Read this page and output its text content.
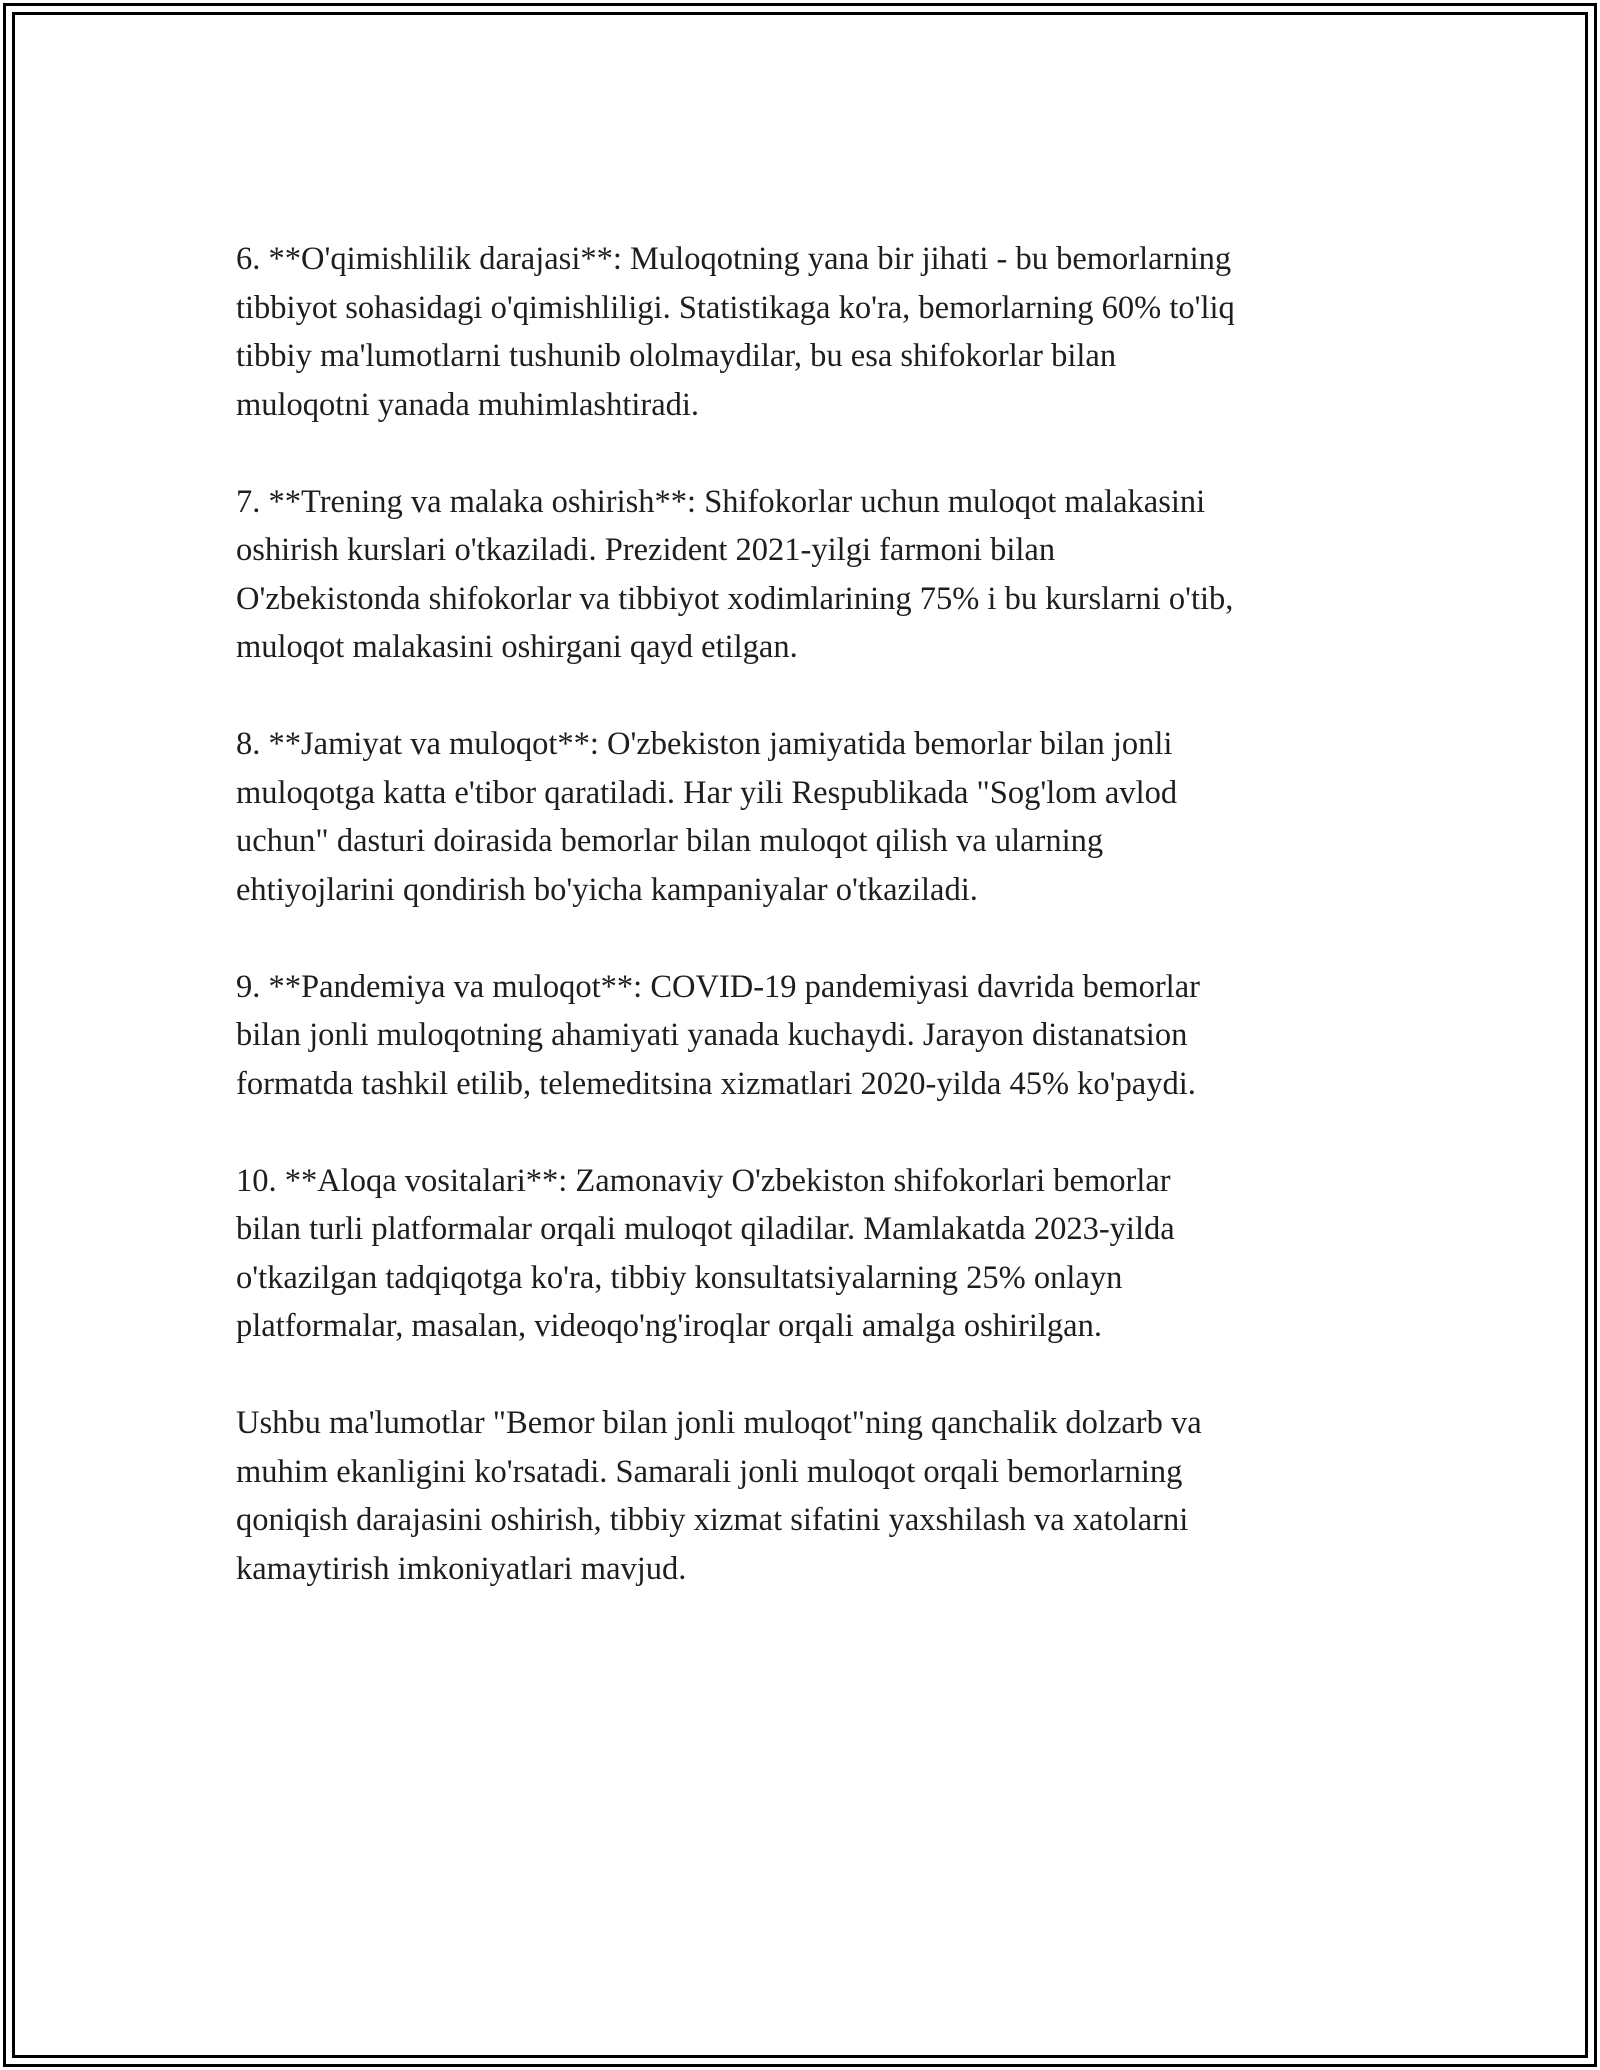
6. **O'qimishlilik darajasi**: Muloqotning yana bir jihati - bu bemorlarning
tibbiyot sohasidagi o'qimishliligi. Statistikaga ko'ra, bemorlarning 60% to'liq
tibbiy ma'lumotlarni tushunib ololmaydilar, bu esa shifokorlar bilan
muloqotni yanada muhimlashtiradi.

7. **Trening va malaka oshirish**: Shifokorlar uchun muloqot malakasini
oshirish kurslari o'tkaziladi. Prezident 2021-yilgi farmoni bilan
O'zbekistonda shifokorlar va tibbiyot xodimlarining 75% i bu kurslarni o'tib,
muloqot malakasini oshirgani qayd etilgan.

8. **Jamiyat va muloqot**: O'zbekiston jamiyatida bemorlar bilan jonli
muloqotga katta e'tibor qaratiladi. Har yili Respublikada "Sog'lom avlod
uchun" dasturi doirasida bemorlar bilan muloqot qilish va ularning
ehtiyojlarini qondirish bo'yicha kampaniyalar o'tkaziladi.

9. **Pandemiya va muloqot**: COVID-19 pandemiyasi davrida bemorlar
bilan jonli muloqotning ahamiyati yanada kuchaydi. Jarayon distanatsion
formatda tashkil etilib, telemeditsina xizmatlari 2020-yilda 45% ko'paydi.

10. **Aloqa vositalari**: Zamonaviy O'zbekiston shifokorlari bemorlar
bilan turli platformalar orqali muloqot qiladilar. Mamlakatda 2023-yilda
o'tkazilgan tadqiqotga ko'ra, tibbiy konsultatsiyalarning 25% onlayn
platformalar, masalan, videoqo'ng'iroqlar orqali amalga oshirilgan.

Ushbu ma'lumotlar "Bemor bilan jonli muloqot"ning qanchalik dolzarb va
muhim ekanligini ko'rsatadi. Samarali jonli muloqot orqali bemorlarning
qoniqish darajasini oshirish, tibbiy xizmat sifatini yaxshilash va xatolarni
kamaytirish imkoniyatlari mavjud.
